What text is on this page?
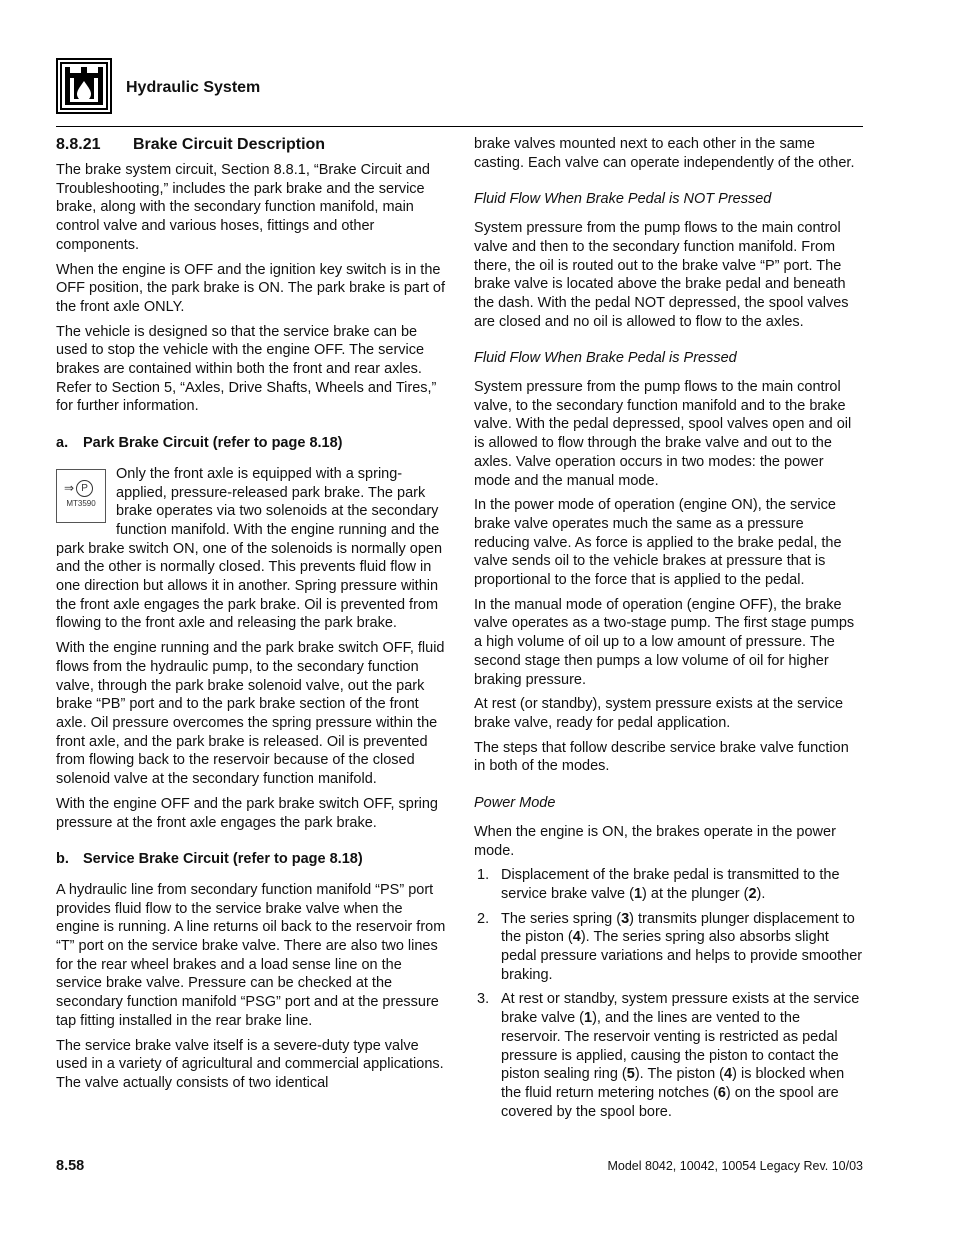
Hydraulic System
8.8.21 Brake Circuit Description

The brake system circuit, Section 8.8.1, “Brake Circuit and Troubleshooting,” includes the park brake and the service brake, along with the secondary function manifold, main control valve and various hoses, fittings and other components.

When the engine is OFF and the ignition key switch is in the OFF position, the park brake is ON. The park brake is part of the front axle ONLY.

The vehicle is designed so that the service brake can be used to stop the vehicle with the engine OFF. The service brakes are contained within both the front and rear axles. Refer to Section 5, “Axles, Drive Shafts, Wheels and Tires,” for further information.

a. Park Brake Circuit (refer to page 8.18)
⇒ P
MT3590

Only the front axle is equipped with a spring-applied, pressure-released park brake. The park brake operates via two solenoids at the secondary function manifold. With the engine running and the park brake switch ON, one of the solenoids is normally open and the other is normally closed. This prevents fluid flow in one direction but allows it in another. Spring pressure within the front axle engages the park brake. Oil is prevented from flowing to the front axle and releasing the park brake.

With the engine running and the park brake switch OFF, fluid flows from the hydraulic pump, to the secondary function valve, through the park brake solenoid valve, out the park brake “PB” port and to the park brake section of the front axle. Oil pressure overcomes the spring pressure within the front axle, and the park brake is released. Oil is prevented from flowing back to the reservoir because of the closed solenoid valve at the secondary function manifold.

With the engine OFF and the park brake switch OFF, spring pressure at the front axle engages the park brake.

b. Service Brake Circuit (refer to page 8.18)

A hydraulic line from secondary function manifold “PS” port provides fluid flow to the service brake valve when the engine is running. A line returns oil back to the reservoir from “T” port on the service brake valve. There are also two lines for the rear wheel brakes and a load sense line on the service brake valve. Pressure can be checked at the secondary function manifold “PSG” port and at the pressure tap fitting installed in the rear brake line.

The service brake valve itself is a severe-duty type valve used in a variety of agricultural and commercial applications. The valve actually consists of two identical

brake valves mounted next to each other in the same casting. Each valve can operate independently of the other.

Fluid Flow When Brake Pedal is NOT Pressed

System pressure from the pump flows to the main control valve and then to the secondary function manifold. From there, the oil is routed out to the brake valve “P” port. The brake valve is located above the brake pedal and beneath the dash. With the pedal NOT depressed, the spool valves are closed and no oil is allowed to flow to the axles.

Fluid Flow When Brake Pedal is Pressed

System pressure from the pump flows to the main control valve, to the secondary function manifold and to the brake valve. With the pedal depressed, spool valves open and oil is allowed to flow through the brake valve and out to the axles. Valve operation occurs in two modes: the power mode and the manual mode.

In the power mode of operation (engine ON), the service brake valve operates much the same as a pressure reducing valve. As force is applied to the brake pedal, the valve sends oil to the vehicle brakes at pressure that is proportional to the force that is applied to the pedal.

In the manual mode of operation (engine OFF), the brake valve operates as a two-stage pump. The first stage pumps a high volume of oil up to a low amount of pressure. The second stage then pumps a low volume of oil for higher braking pressure.

At rest (or standby), system pressure exists at the service brake valve, ready for pedal application.

The steps that follow describe service brake valve function in both of the modes.

Power Mode

When the engine is ON, the brakes operate in the power mode.

1. Displacement of the brake pedal is transmitted to the service brake valve (1) at the plunger (2).
2. The series spring (3) transmits plunger displacement to the piston (4). The series spring also absorbs slight pedal pressure variations and helps to provide smoother braking.
3. At rest or standby, system pressure exists at the service brake valve (1), and the lines are vented to the reservoir. The reservoir venting is restricted as pedal pressure is applied, causing the piston to contact the piston sealing ring (5). The piston (4) is blocked when the fluid return metering notches (6) on the spool are covered by the spool bore.
8.58	Model 8042, 10042, 10054 Legacy Rev. 10/03
